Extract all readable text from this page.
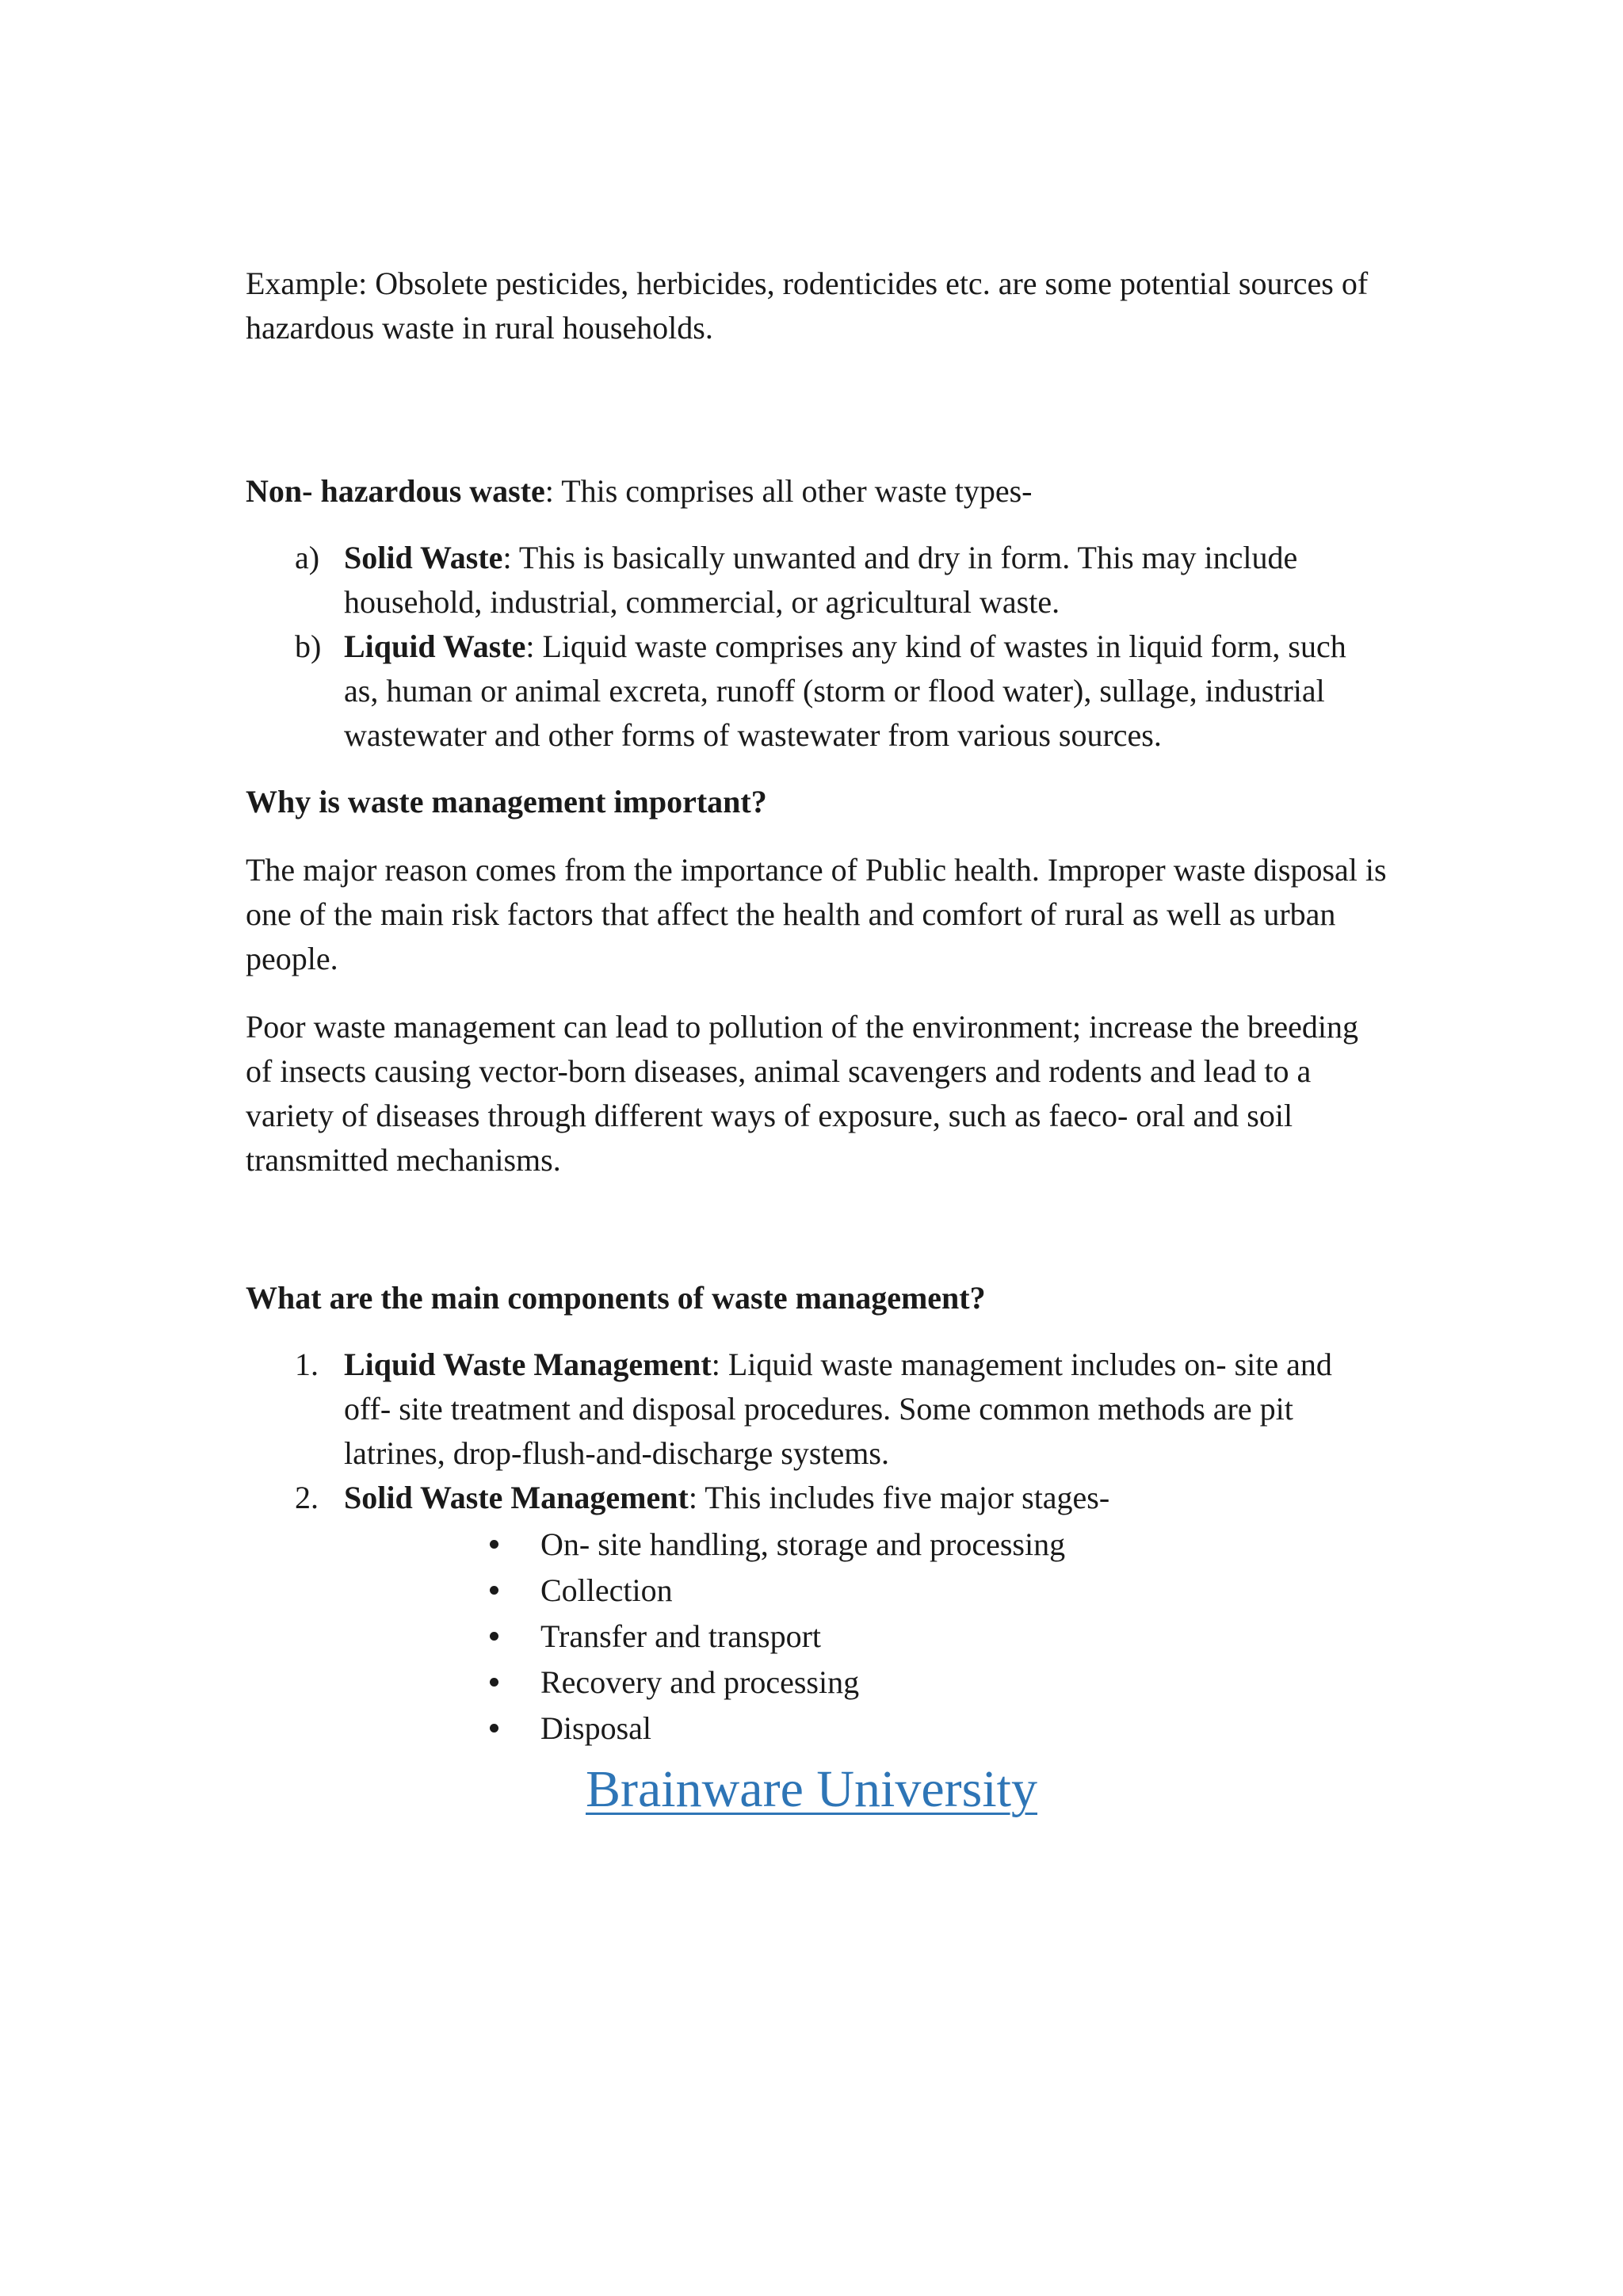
Example: Obsolete pesticides, herbicides, rodenticides etc. are some potential sources of hazardous waste in rural households.

Non- hazardous waste: This comprises all other waste types-

a) Solid Waste: This is basically unwanted and dry in form. This may include household, industrial, commercial, or agricultural waste.
b) Liquid Waste: Liquid waste comprises any kind of wastes in liquid form, such as, human or animal excreta, runoff (storm or flood water), sullage, industrial wastewater and other forms of wastewater from various sources.

Why is waste management important?

The major reason comes from the importance of Public health. Improper waste disposal is one of the main risk factors that affect the health and comfort of rural as well as urban people.

Poor waste management can lead to pollution of the environment; increase the breeding of insects causing vector-born diseases, animal scavengers and rodents and lead to a variety of diseases through different ways of exposure, such as faeco- oral and soil transmitted mechanisms.

What are the main components of waste management?

1. Liquid Waste Management: Liquid waste management includes on- site and off- site treatment and disposal procedures. Some common methods are pit latrines, drop-flush-and-discharge systems.
2. Solid Waste Management: This includes five major stages-
On- site handling, storage and processing
Collection
Transfer and transport
Recovery and processing
Disposal
Brainware University
